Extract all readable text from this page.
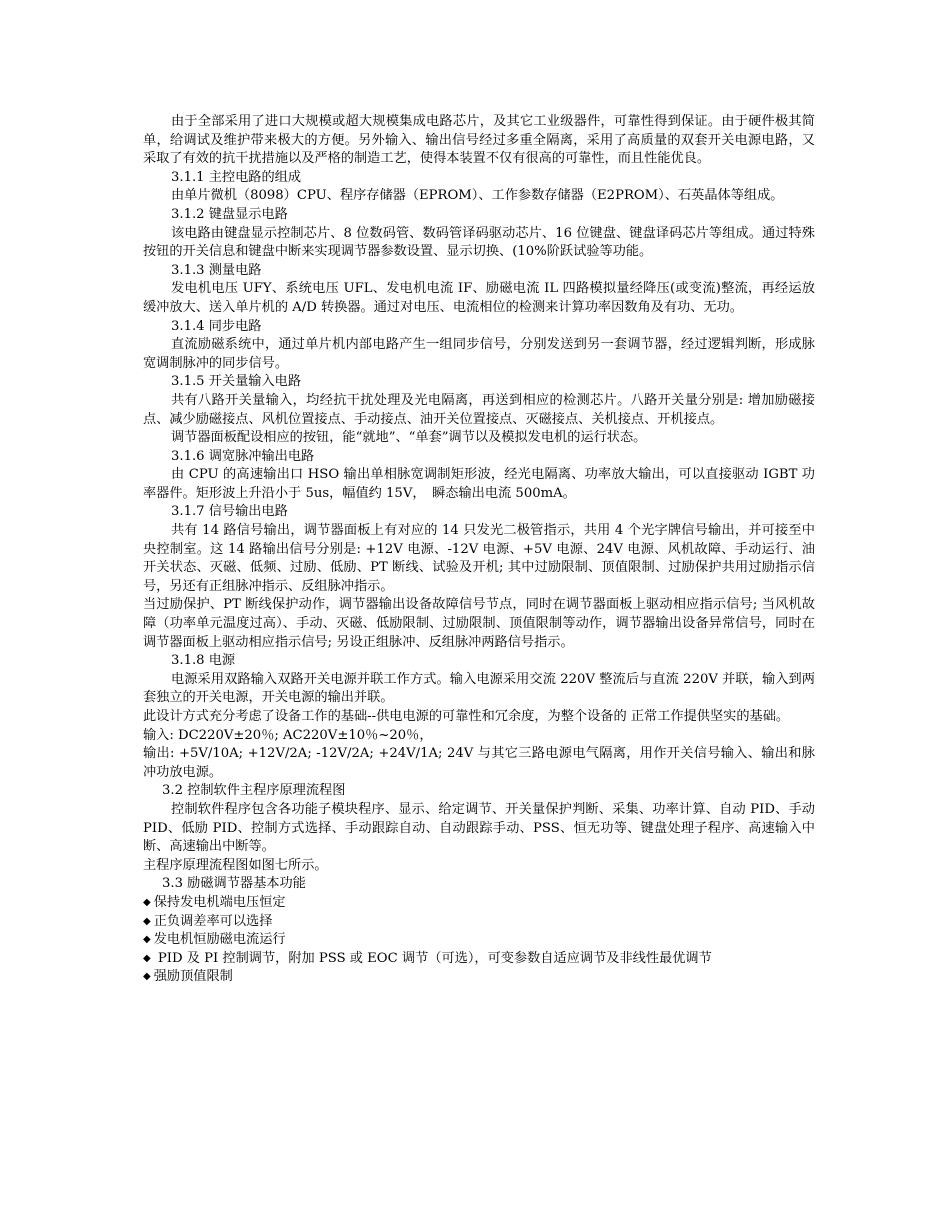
由于全部采用了进口大规模或超大规模集成电路芯片，及其它工业级器件，可靠性得到保证。由于硬件极其简单，给调试及维护带来极大的方便。另外输入、输出信号经过多重全隔离，采用了高质量的双套开关电源电路，又采取了有效的抗干扰措施以及严格的制造工艺，使得本装置不仅有很高的可靠性，而且性能优良。
3.1.1 主控电路的组成
由单片微机（8098）CPU、程序存储器（EPROM）、工作参数存储器（E2PROM）、石英晶体等组成。
3.1.2 键盘显示电路
该电路由键盘显示控制芯片、8 位数码管、数码管译码驱动芯片、16 位键盘、键盘译码芯片等组成。通过特殊按钮的开关信息和键盘中断来实现调节器参数设置、显示切换、(10%阶跃试验等功能。
3.1.3 测量电路
发电机电压 UFY、系统电压 UFL、发电机电流 IF、励磁电流 IL 四路模拟量经降压(或变流)整流，再经运放缓冲放大、送入单片机的 A/D 转换器。通过对电压、电流相位的检测来计算功率因数角及有功、无功。
3.1.4 同步电路
直流励磁系统中，通过单片机内部电路产生一组同步信号，分别发送到另一套调节器，经过逻辑判断，形成脉宽调制脉冲的同步信号。
3.1.5 开关量输入电路
共有八路开关量输入，均经抗干扰处理及光电隔离，再送到相应的检测芯片。八路开关量分别是: 增加励磁接点、减少励磁接点、风机位置接点、手动接点、油开关位置接点、灭磁接点、关机接点、开机接点。
调节器面板配设相应的按钮，能“就地”、“单套”调节以及模拟发电机的运行状态。
3.1.6 调宽脉冲输出电路
由 CPU 的高速输出口 HSO 输出单相脉宽调制矩形波，经光电隔离、功率放大输出，可以直接驱动 IGBT 功率器件。矩形波上升沿小于 5us，幅值约 15V，　瞬态输出电流 500mA。
3.1.7 信号输出电路
共有 14 路信号输出，调节器面板上有对应的 14 只发光二极管指示，共用 4 个光字牌信号输出，并可接至中央控制室。这 14 路输出信号分别是: +12V 电源、-12V 电源、+5V 电源、24V 电源、风机故障、手动运行、油开关状态、灭磁、低频、过励、低励、PT 断线、试验及开机; 其中过励限制、顶值限制、过励保护共用过励指示信号，另还有正组脉冲指示、反组脉冲指示。
当过励保护、PT 断线保护动作，调节器输出设备故障信号节点，同时在调节器面板上驱动相应指示信号; 当风机故障（功率单元温度过高）、手动、灭磁、低励限制、过励限制、顶值限制等动作，调节器输出设备异常信号，同时在调节器面板上驱动相应指示信号; 另设正组脉冲、反组脉冲两路信号指示。
3.1.8 电源
电源采用双路输入双路开关电源并联工作方式。输入电源采用交流 220V 整流后与直流 220V 并联，输入到两套独立的开关电源，开关电源的输出并联。
此设计方式充分考虑了设备工作的基础--供电电源的可靠性和冗余度，为整个设备的 正常工作提供坚实的基础。
输入: DC220V±20％; AC220V±10％~20％，
输出: +5V/10A; +12V/2A; -12V/2A; +24V/1A; 24V 与其它三路电源电气隔离，用作开关信号输入、输出和脉冲功放电源。
3.2 控制软件主程序原理流程图
控制软件程序包含各功能子模块程序、显示、给定调节、开关量保护判断、采集、功率计算、自动 PID、手动 PID、低励 PID、控制方式选择、手动跟踪自动、自动跟踪手动、PSS、恒无功等、键盘处理子程序、高速输入中断、高速输出中断等。
主程序原理流程图如图七所示。
3.3 励磁调节器基本功能
◆ 保持发电机端电压恒定
◆ 正负调差率可以选择
◆ 发电机恒励磁电流运行
◆ PID 及 PI 控制调节，附加 PSS 或 EOC 调节（可选），可变参数自适应调节及非线性最优调节
◆ 强励顶值限制
